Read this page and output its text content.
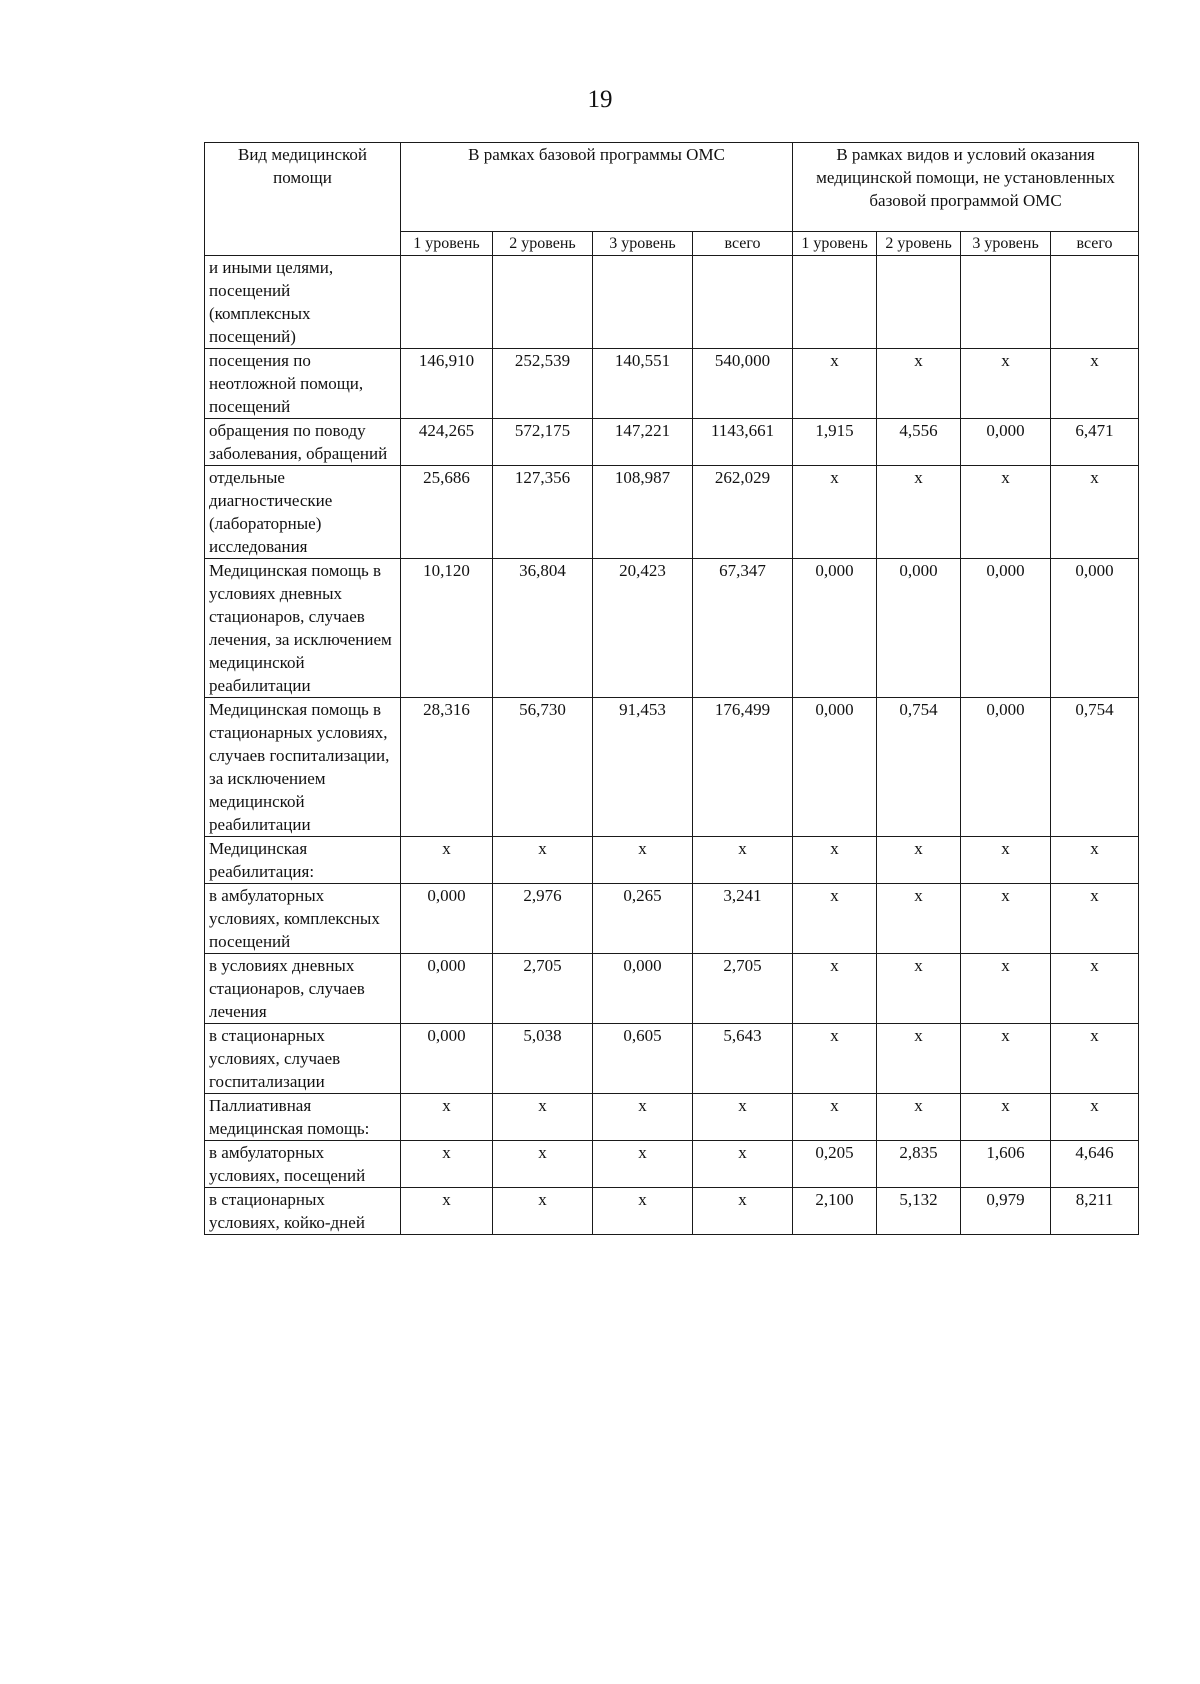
19
Вид медицинской помощи	В рамках базовой программы ОМС				В рамках видов и условий оказания медицинской помощи, не установленных базовой программой ОМС			
	1 уровень	2 уровень	3 уровень	всего	1 уровень	2 уровень	3 уровень	всего
и иными целями, посещений (комплексных посещений)								
посещения по неотложной помощи, посещений	146,910	252,539	140,551	540,000	х	х	х	х
обращения по поводу заболевания, обращений	424,265	572,175	147,221	1143,661	1,915	4,556	0,000	6,471
отдельные диагностические (лабораторные) исследования	25,686	127,356	108,987	262,029	х	х	х	х
Медицинская помощь в условиях дневных стационаров, случаев лечения, за исключением медицинской реабилитации	10,120	36,804	20,423	67,347	0,000	0,000	0,000	0,000
Медицинская помощь в стационарных условиях, случаев госпитализации, за исключением медицинской реабилитации	28,316	56,730	91,453	176,499	0,000	0,754	0,000	0,754
Медицинская реабилитация:	х	х	х	х	х	х	х	х
в амбулаторных условиях, комплексных посещений	0,000	2,976	0,265	3,241	х	х	х	х
в условиях дневных стационаров, случаев лечения	0,000	2,705	0,000	2,705	х	х	х	х
в стационарных условиях, случаев госпитализации	0,000	5,038	0,605	5,643	х	х	х	х
Паллиативная медицинская помощь:	х	х	х	х	х	х	х	х
в амбулаторных условиях, посещений	х	х	х	х	0,205	2,835	1,606	4,646
в стационарных условиях, койко-дней	х	х	х	х	2,100	5,132	0,979	8,211
